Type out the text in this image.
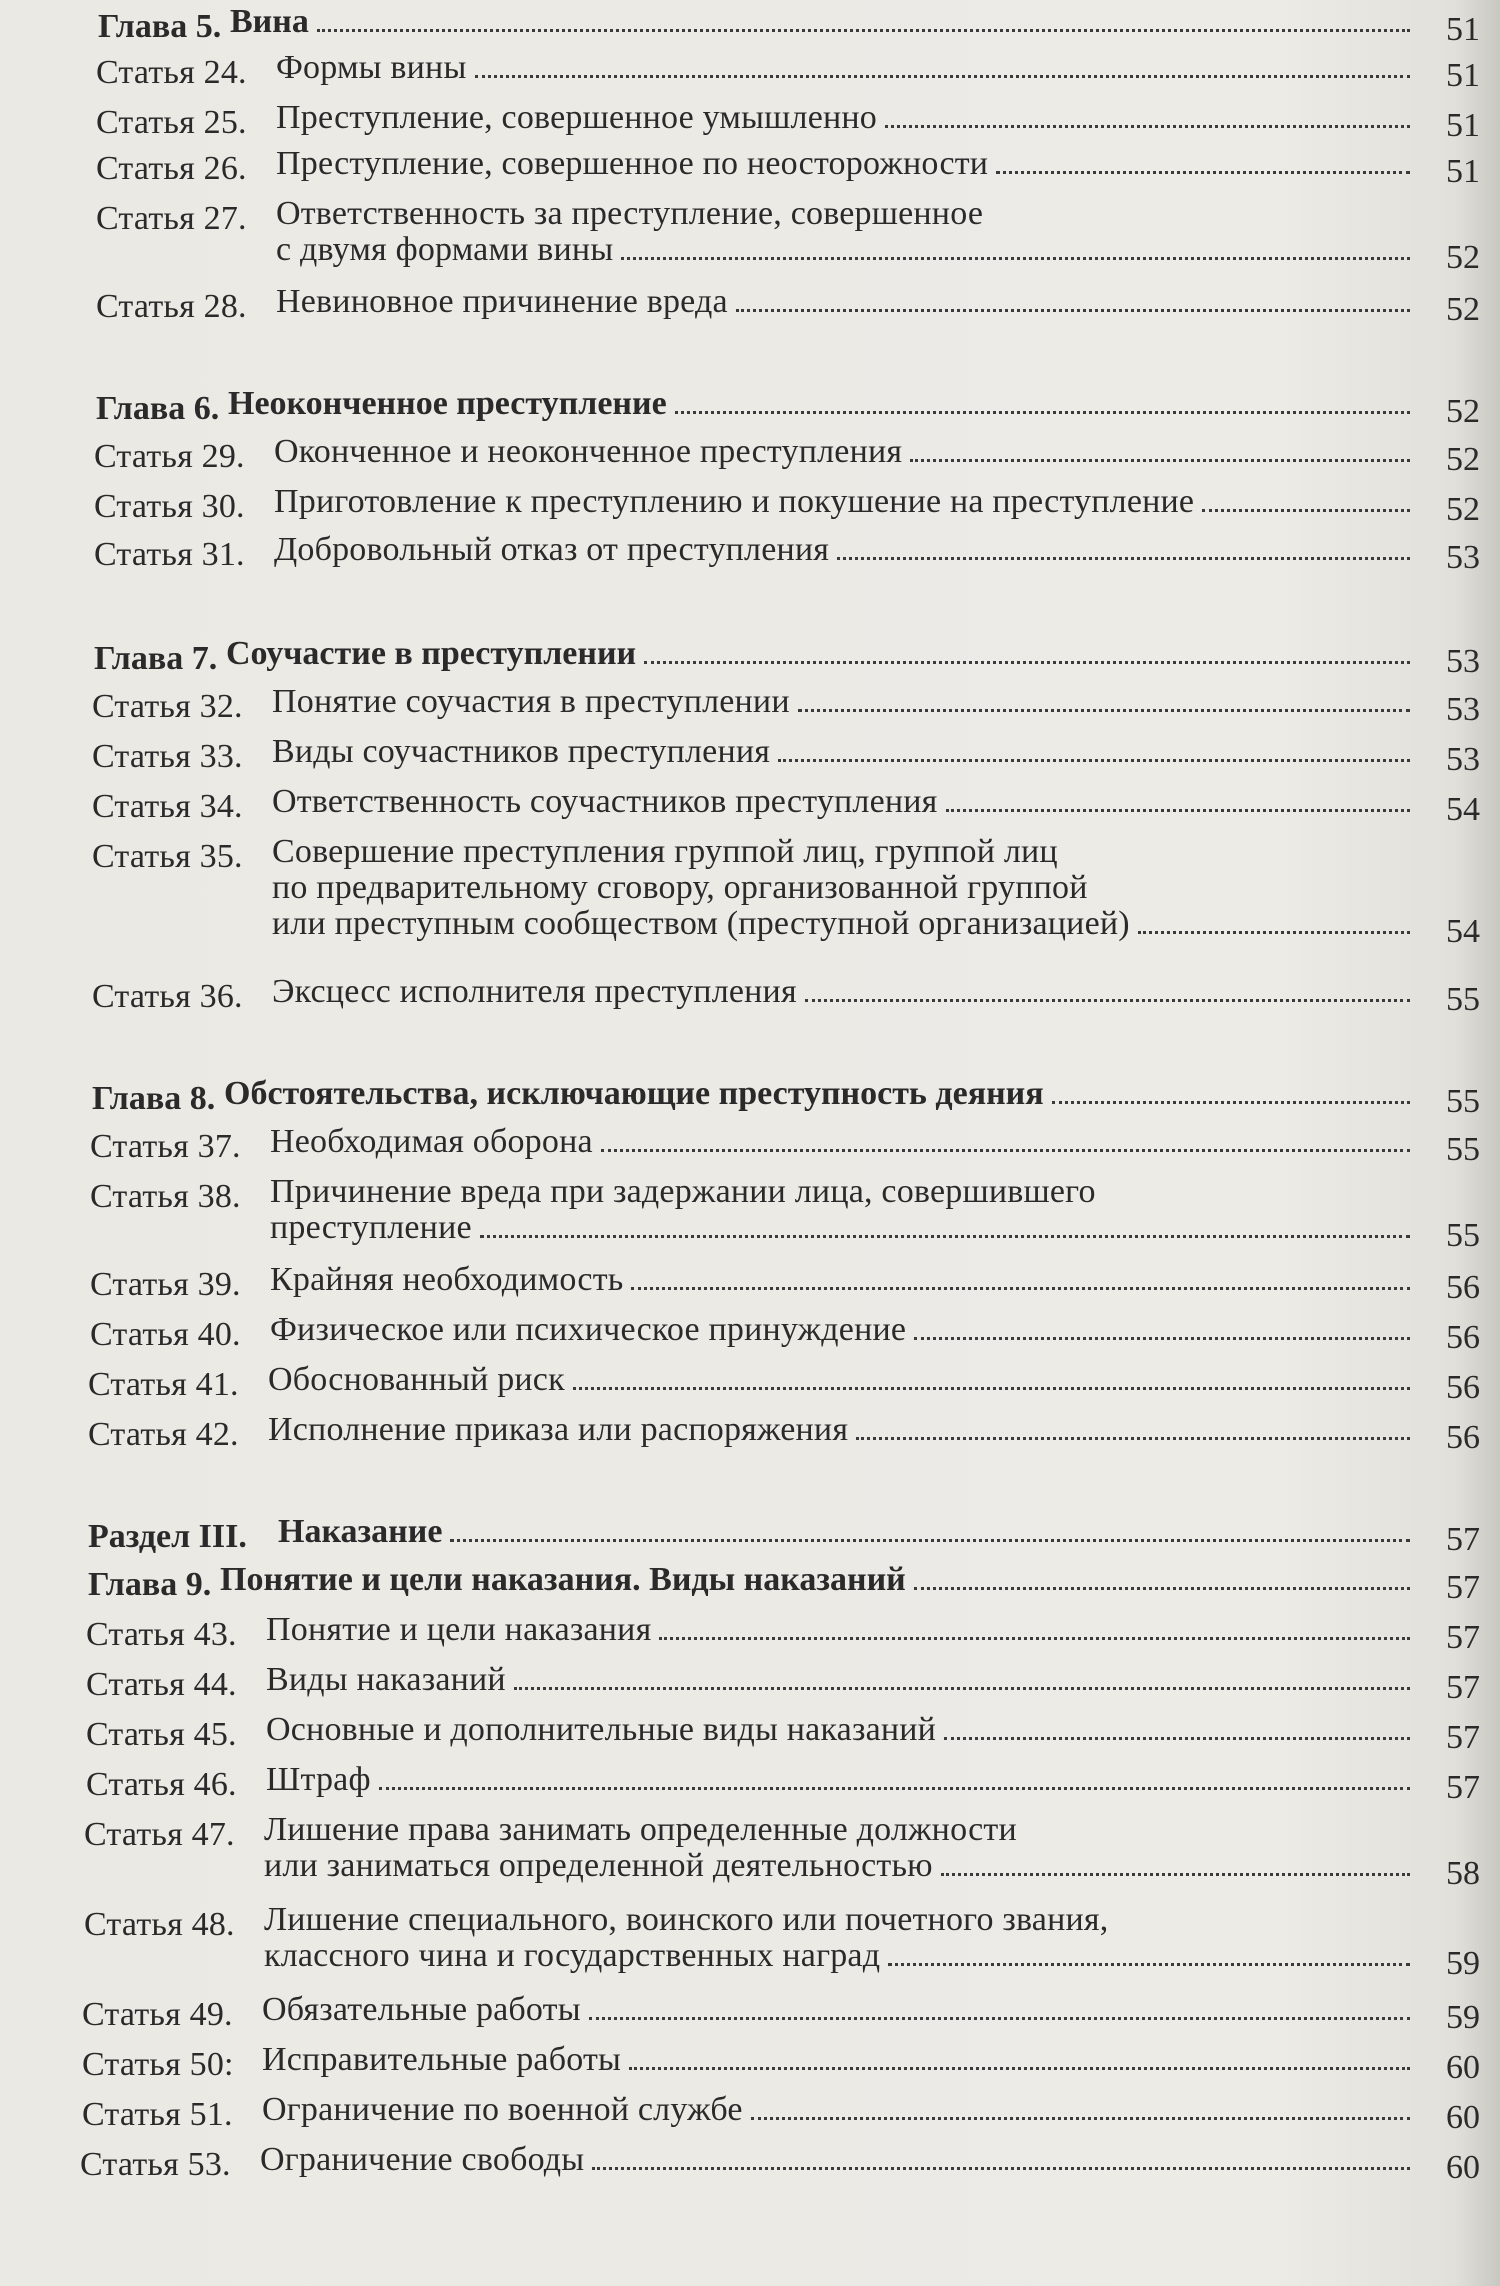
Глава 5. Вина	51
Статья 24. Формы вины	51
Статья 25. Преступление, совершенное умышленно	51
Статья 26. Преступление, совершенное по неосторожности	51
Статья 27. Ответственность за преступление, совершенное
с двумя формами вины	52
Статья 28. Невиновное причинение вреда	52
Глава 6. Неоконченное преступление	52
Статья 29. Оконченное и неоконченное преступления	52
Статья 30. Приготовление к преступлению и покушение на преступление	52
Статья 31. Добровольный отказ от преступления	53
Глава 7. Соучастие в преступлении	53
Статья 32. Понятие соучастия в преступлении	53
Статья 33. Виды соучастников преступления	53
Статья 34. Ответственность соучастников преступления	54
Статья 35. Совершение преступления группой лиц, группой лиц
по предварительному сговору, организованной группой
или преступным сообществом (преступной организацией)	54
Статья 36. Эксцесс исполнителя преступления	55
Глава 8. Обстоятельства, исключающие преступность деяния	55
Статья 37. Необходимая оборона	55
Статья 38. Причинение вреда при задержании лица, совершившего
преступление	55
Статья 39. Крайняя необходимость	56
Статья 40. Физическое или психическое принуждение	56
Статья 41. Обоснованный риск	56
Статья 42. Исполнение приказа или распоряжения	56
Раздел III. Наказание	57
Глава 9. Понятие и цели наказания. Виды наказаний	57
Статья 43. Понятие и цели наказания	57
Статья 44. Виды наказаний	57
Статья 45. Основные и дополнительные виды наказаний	57
Статья 46. Штраф	57
Статья 47. Лишение права занимать определенные должности
или заниматься определенной деятельностью	58
Статья 48. Лишение специального, воинского или почетного звания,
классного чина и государственных наград	59
Статья 49. Обязательные работы	59
Статья 50: Исправительные работы	60
Статья 51. Ограничение по военной службе	60
Статья 53. Ограничение свободы	60
